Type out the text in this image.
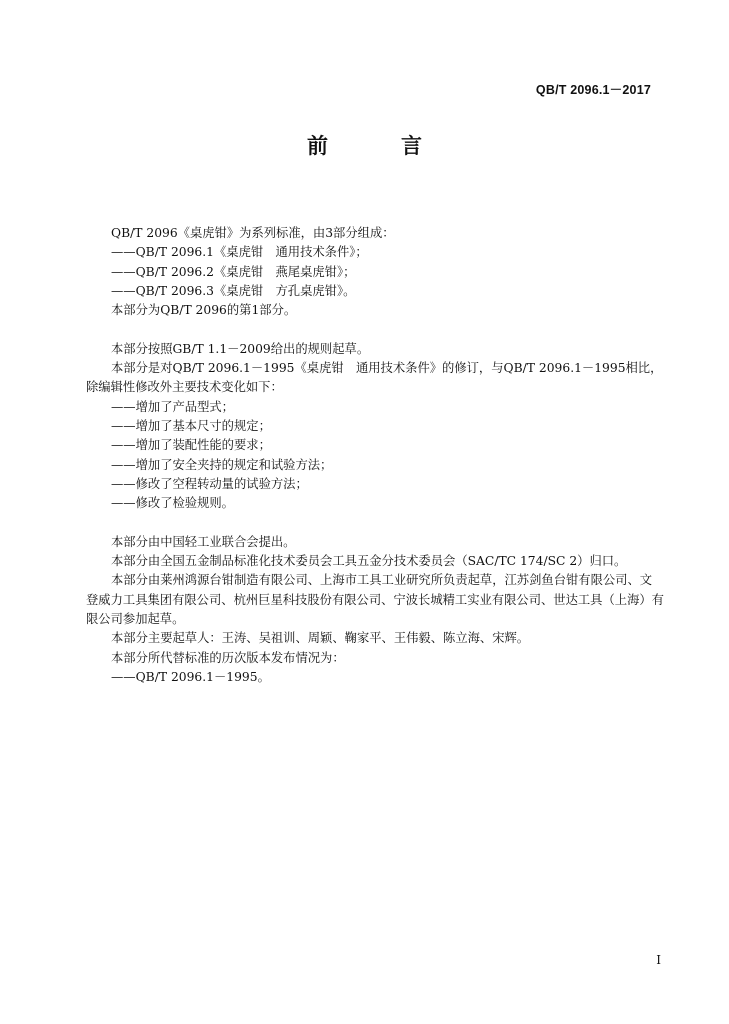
QB/T 2096.1－2017
前　言

QB/T 2096《桌虎钳》为系列标准，由3部分组成：

——QB/T 2096.1《桌虎钳　通用技术条件》；

——QB/T 2096.2《桌虎钳　燕尾桌虎钳》；

——QB/T 2096.3《桌虎钳　方孔桌虎钳》。

本部分为QB/T 2096的第1部分。

本部分按照GB/T 1.1－2009给出的规则起草。

本部分是对QB/T 2096.1－1995《桌虎钳　通用技术条件》的修订，与QB/T 2096.1－1995相比，除编辑性修改外主要技术变化如下：

——增加了产品型式；

——增加了基本尺寸的规定；

——增加了装配性能的要求；

——增加了安全夹持的规定和试验方法；

——修改了空程转动量的试验方法；

——修改了检验规则。

本部分由中国轻工业联合会提出。

本部分由全国五金制品标准化技术委员会工具五金分技术委员会（SAC/TC 174/SC 2）归口。

本部分由莱州鸿源台钳制造有限公司、上海市工具工业研究所负责起草，江苏剑鱼台钳有限公司、文登威力工具集团有限公司、杭州巨星科技股份有限公司、宁波长城精工实业有限公司、世达工具（上海）有限公司参加起草。

本部分主要起草人：王涛、吴祖训、周颖、鞠家平、王伟毅、陈立海、宋辉。

本部分所代替标准的历次版本发布情况为：

——QB/T 2096.1－1995。

I
